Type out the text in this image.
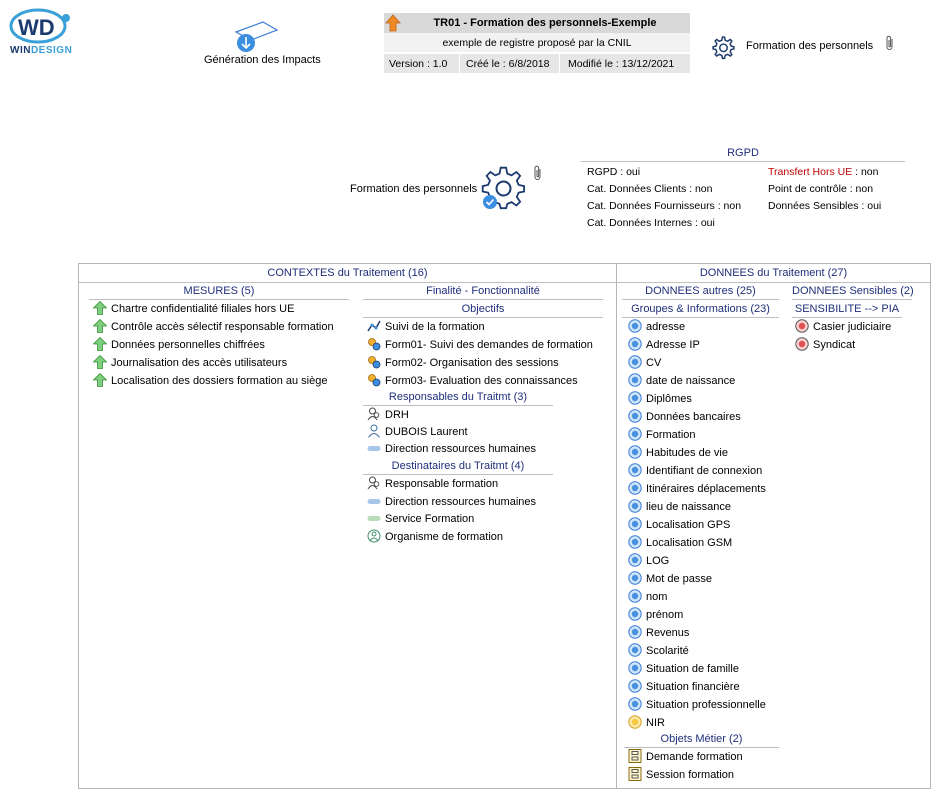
WD
WINDESIGN
Génération des Impacts
TR01 - Formation des personnels-Exemple
exemple de registre proposé par la CNIL
Version : 1.0 Créé le : 6/8/2018 Modifié le : 13/12/2021
Formation des personnels
Formation des personnels
RGPD
RGPD : oui
Cat. Données Clients : non
Cat. Données Fournisseurs : non
Cat. Données Internes : oui
Transfert Hors UE : non
Point de contrôle : non
Données Sensibles : oui
CONTEXTES du Traitement (16)
MESURES (5)
Chartre confidentialité filiales hors UE
Contrôle accès sélectif responsable formation
Données personnelles chiffrées
Journalisation des accès utilisateurs
Localisation des dossiers formation au siège
Finalité - Fonctionnalité
Objectifs
Suivi de la formation
Form01- Suivi des demandes de formation
Form02- Organisation des sessions
Form03- Evaluation des connaissances
Responsables du Traitmt (3)
DRH
DUBOIS Laurent
Direction ressources humaines
Destinataires du Traitmt (4)
Responsable formation
Direction ressources humaines
Service Formation
Organisme de formation
DONNEES du Traitement (27)
DONNEES autres (25)
Groupes & Informations (23)
adresse
Adresse IP
CV
date de naissance
Diplômes
Données bancaires
Formation
Habitudes de vie
Identifiant de connexion
Itinéraires déplacements
lieu de naissance
Localisation GPS
Localisation GSM
LOG
Mot de passe
nom
prénom
Revenus
Scolarité
Situation de famille
Situation financière
Situation professionnelle
NIR
Objets Métier (2)
Demande formation
Session formation
DONNEES Sensibles (2)
SENSIBILITE --> PIA
Casier judiciaire
Syndicat
